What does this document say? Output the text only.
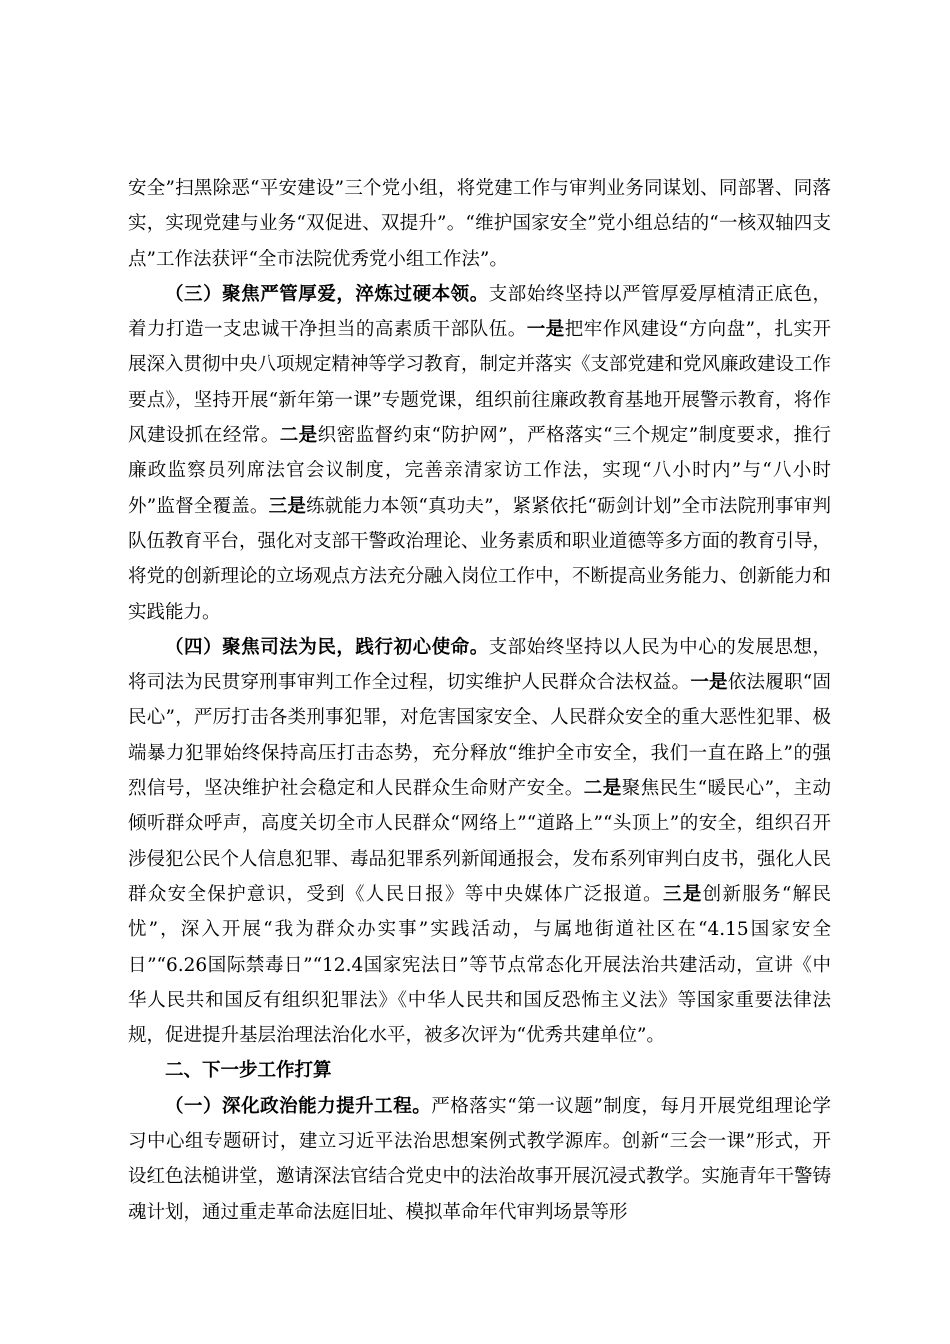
安全”扫黑除恶“平安建设”三个党小组，将党建工作与审判业务同谋划、同部署、同落实，实现党建与业务“双促进、双提升”。“维护国家安全”党小组总结的“一核双轴四支点”工作法获评“全市法院优秀党小组工作法”。

（三）聚焦严管厚爱，淬炼过硬本领。支部始终坚持以严管厚爱厚植清正底色，着力打造一支忠诚干净担当的高素质干部队伍。一是把牢作风建设“方向盘”，扎实开展深入贯彻中央八项规定精神等学习教育，制定并落实《支部党建和党风廉政建设工作要点》，坚持开展“新年第一课”专题党课，组织前往廉政教育基地开展警示教育，将作风建设抓在经常。二是织密监督约束“防护网”，严格落实“三个规定”制度要求，推行廉政监察员列席法官会议制度，完善亲清家访工作法，实现“八小时内”与“八小时外”监督全覆盖。三是练就能力本领“真功夫”，紧紧依托“砺剑计划”全市法院刑事审判队伍教育平台，强化对支部干警政治理论、业务素质和职业道德等多方面的教育引导，将党的创新理论的立场观点方法充分融入岗位工作中，不断提高业务能力、创新能力和实践能力。

（四）聚焦司法为民，践行初心使命。支部始终坚持以人民为中心的发展思想，将司法为民贯穿刑事审判工作全过程，切实维护人民群众合法权益。一是依法履职“固民心”，严厉打击各类刑事犯罪，对危害国家安全、人民群众安全的重大恶性犯罪、极端暴力犯罪始终保持高压打击态势，充分释放“维护全市安全，我们一直在路上”的强烈信号，坚决维护社会稳定和人民群众生命财产安全。二是聚焦民生“暖民心”，主动倾听群众呼声，高度关切全市人民群众“网络上”“道路上”“头顶上”的安全，组织召开涉侵犯公民个人信息犯罪、毒品犯罪系列新闻通报会，发布系列审判白皮书，强化人民群众安全保护意识，受到《人民日报》等中央媒体广泛报道。三是创新服务“解民忧”，深入开展“我为群众办实事”实践活动，与属地街道社区在“4.15国家安全日”“6.26国际禁毒日”“12.4国家宪法日”等节点常态化开展法治共建活动，宣讲《中华人民共和国反有组织犯罪法》《中华人民共和国反恐怖主义法》等国家重要法律法规，促进提升基层治理法治化水平，被多次评为“优秀共建单位”。

二、下一步工作打算

（一）深化政治能力提升工程。严格落实“第一议题”制度，每月开展党组理论学习中心组专题研讨，建立习近平法治思想案例式教学源库。创新“三会一课”形式，开设红色法槌讲堂，邀请深法官结合党史中的法治故事开展沉浸式教学。实施青年干警铸魂计划，通过重走革命法庭旧址、模拟革命年代审判场景等形
